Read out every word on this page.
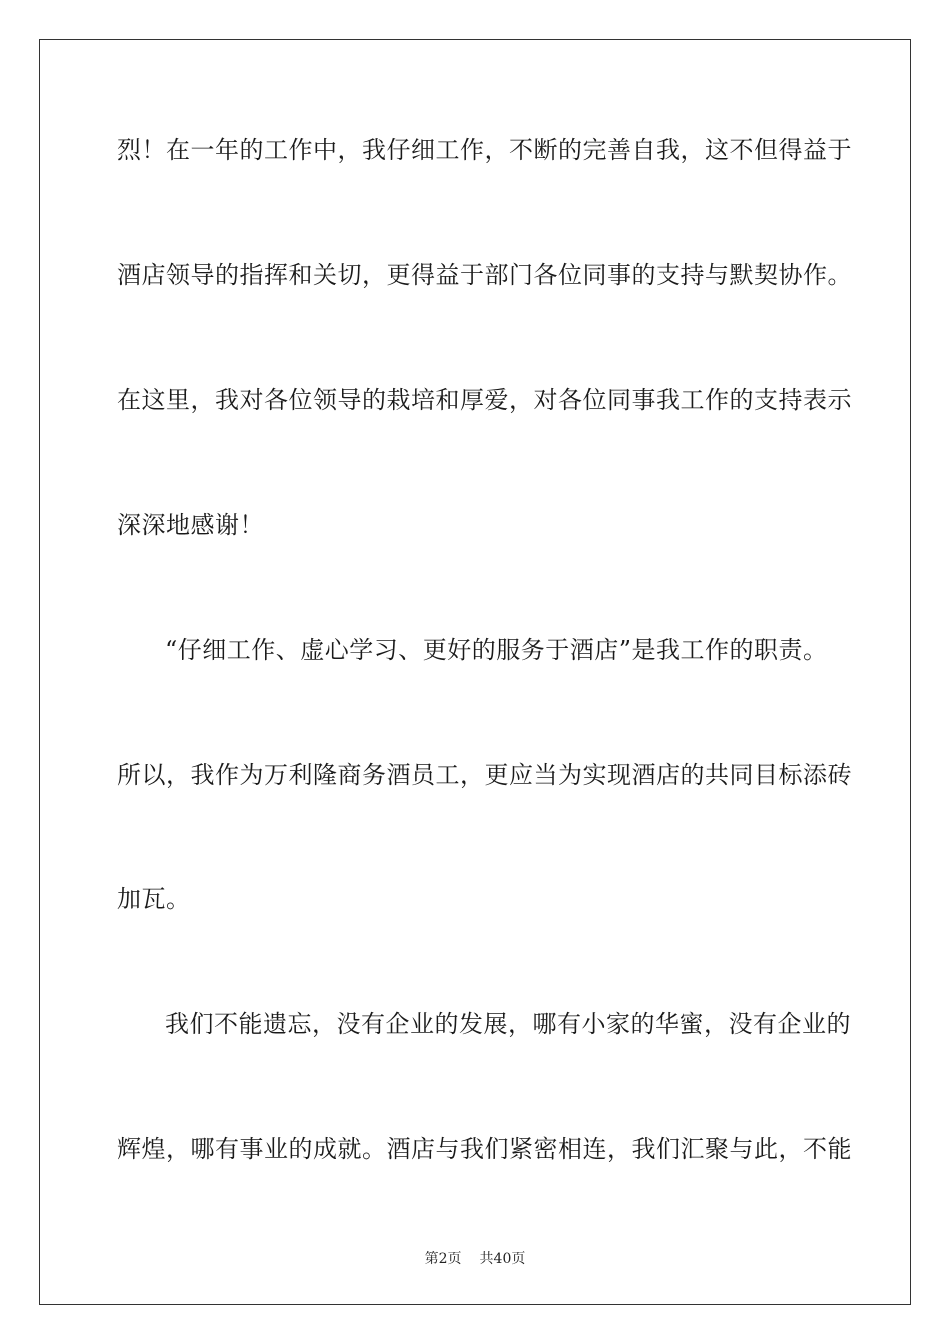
烈！在一年的工作中，我仔细工作，不断的完善自我，这不但得益于
酒店领导的指挥和关切，更得益于部门各位同事的支持与默契协作。
在这里，我对各位领导的栽培和厚爱，对各位同事我工作的支持表示
深深地感谢！
“仔细工作、虚心学习、更好的服务于酒店”是我工作的职责。
所以，我作为万利隆商务酒员工，更应当为实现酒店的共同目标添砖
加瓦。
我们不能遗忘，没有企业的发展，哪有小家的华蜜，没有企业的
辉煌，哪有事业的成就。酒店与我们紧密相连，我们汇聚与此，不能
第2页 共40页
